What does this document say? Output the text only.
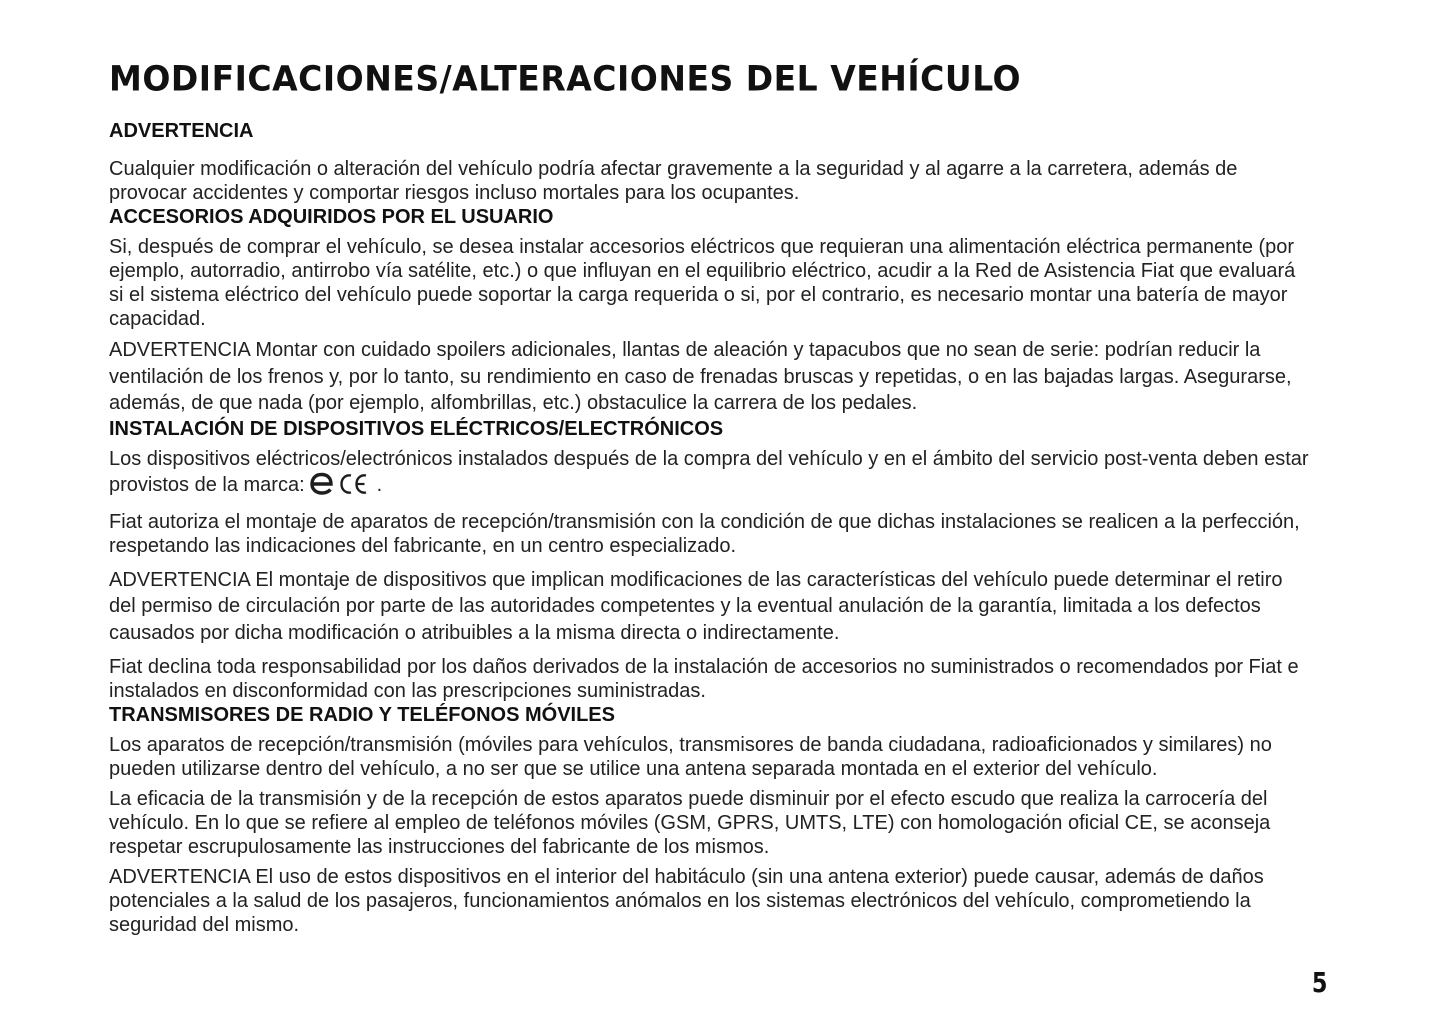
MODIFICACIONES/ALTERACIONES DEL VEHÍCULO
ADVERTENCIA

Cualquier modificación o alteración del vehículo podría afectar gravemente a la seguridad y al agarre a la carretera, además de provocar accidentes y comportar riesgos incluso mortales para los ocupantes.

ACCESORIOS ADQUIRIDOS POR EL USUARIO

Si, después de comprar el vehículo, se desea instalar accesorios eléctricos que requieran una alimentación eléctrica permanente (por ejemplo, autorradio, antirrobo vía satélite, etc.) o que influyan en el equilibrio eléctrico, acudir a la Red de Asistencia Fiat que evaluará si el sistema eléctrico del vehículo puede soportar la carga requerida o si, por el contrario, es necesario montar una batería de mayor capacidad.

ADVERTENCIA Montar con cuidado spoilers adicionales, llantas de aleación y tapacubos que no sean de serie: podrían reducir la ventilación de los frenos y, por lo tanto, su rendimiento en caso de frenadas bruscas y repetidas, o en las bajadas largas. Asegurarse, además, de que nada (por ejemplo, alfombrillas, etc.) obstaculice la carrera de los pedales.

INSTALACIÓN DE DISPOSITIVOS ELÉCTRICOS/ELECTRÓNICOS

Los dispositivos eléctricos/electrónicos instalados después de la compra del vehículo y en el ámbito del servicio post-venta deben estar provistos de la marca:	.

Fiat autoriza el montaje de aparatos de recepción/transmisión con la condición de que dichas instalaciones se realicen a la perfección, respetando las indicaciones del fabricante, en un centro especializado.

ADVERTENCIA El montaje de dispositivos que implican modificaciones de las características del vehículo puede determinar el retiro del permiso de circulación por parte de las autoridades competentes y la eventual anulación de la garantía, limitada a los defectos causados por dicha modificación o atribuibles a la misma directa o indirectamente.

Fiat declina toda responsabilidad por los daños derivados de la instalación de accesorios no suministrados o recomendados por Fiat e instalados en disconformidad con las prescripciones suministradas.

TRANSMISORES DE RADIO Y TELÉFONOS MÓVILES

Los aparatos de recepción/transmisión (móviles para vehículos, transmisores de banda ciudadana, radioaficionados y similares) no pueden utilizarse dentro del vehículo, a no ser que se utilice una antena separada montada en el exterior del vehículo.

La eficacia de la transmisión y de la recepción de estos aparatos puede disminuir por el efecto escudo que realiza la carrocería del vehículo. En lo que se refiere al empleo de teléfonos móviles (GSM, GPRS, UMTS, LTE) con homologación oficial CE, se aconseja respetar escrupulosamente las instrucciones del fabricante de los mismos.

ADVERTENCIA El uso de estos dispositivos en el interior del habitáculo (sin una antena exterior) puede causar, además de daños potenciales a la salud de los pasajeros, funcionamientos anómalos en los sistemas electrónicos del vehículo, comprometiendo la seguridad del mismo.

5
